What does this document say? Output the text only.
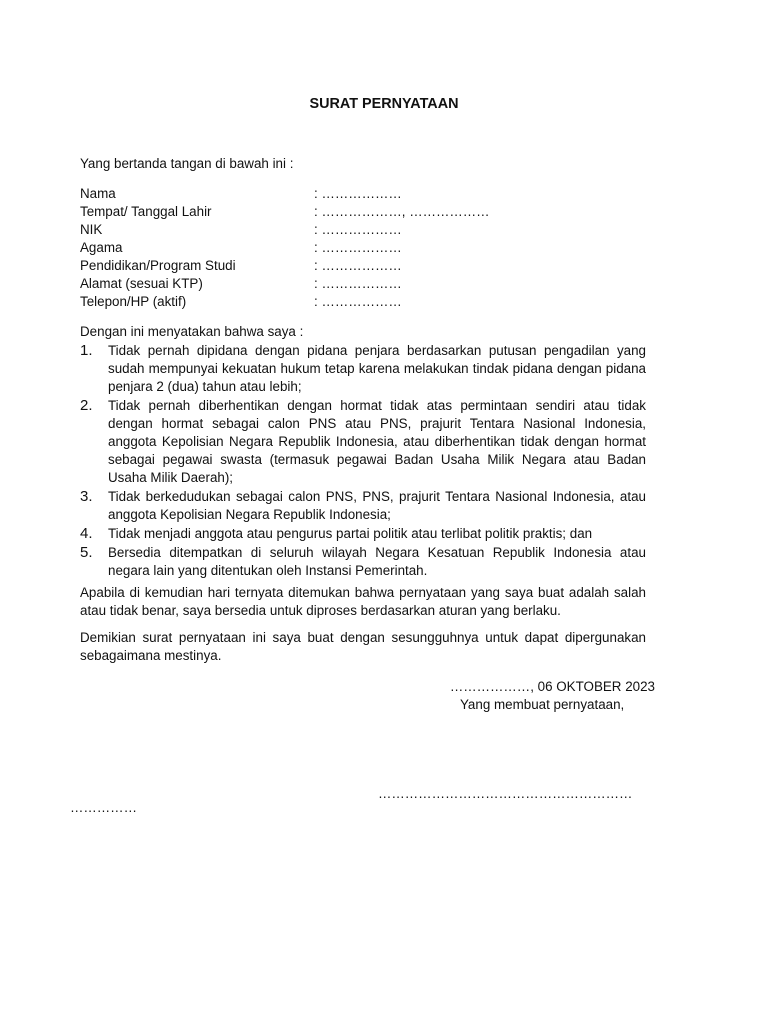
SURAT PERNYATAAN
Yang bertanda tangan di bawah ini :
Nama	: ………………
Tempat/ Tanggal Lahir	: ………………, ………………
NIK	: ………………
Agama	: ………………
Pendidikan/Program Studi	: ………………
Alamat (sesuai KTP)	: ………………
Telepon/HP (aktif)	: ………………
Dengan ini menyatakan bahwa saya :
1.	Tidak pernah dipidana dengan pidana penjara berdasarkan putusan pengadilan yang sudah mempunyai kekuatan hukum tetap karena melakukan tindak pidana dengan pidana penjara 2 (dua) tahun atau lebih;
2.	Tidak pernah diberhentikan dengan hormat tidak atas permintaan sendiri atau tidak dengan hormat sebagai calon PNS atau PNS, prajurit Tentara Nasional Indonesia, anggota Kepolisian Negara Republik Indonesia, atau diberhentikan tidak dengan hormat sebagai pegawai swasta (termasuk pegawai Badan Usaha Milik Negara atau Badan Usaha Milik Daerah);
3.	Tidak berkedudukan sebagai calon PNS, PNS, prajurit Tentara Nasional Indonesia, atau anggota Kepolisian Negara Republik Indonesia;
4.	Tidak menjadi anggota atau pengurus partai politik atau terlibat politik praktis; dan
5.	Bersedia ditempatkan di seluruh wilayah Negara Kesatuan Republik Indonesia atau negara lain yang ditentukan oleh Instansi Pemerintah.
Apabila di kemudian hari ternyata ditemukan bahwa pernyataan yang saya buat adalah salah atau tidak benar, saya bersedia untuk diproses berdasarkan aturan yang berlaku.
Demikian surat pernyataan ini saya buat dengan sesungguhnya untuk dapat dipergunakan sebagaimana mestinya.
………………, 06 OKTOBER 2023
Yang membuat pernyataan,
…………………………………………………
……………
